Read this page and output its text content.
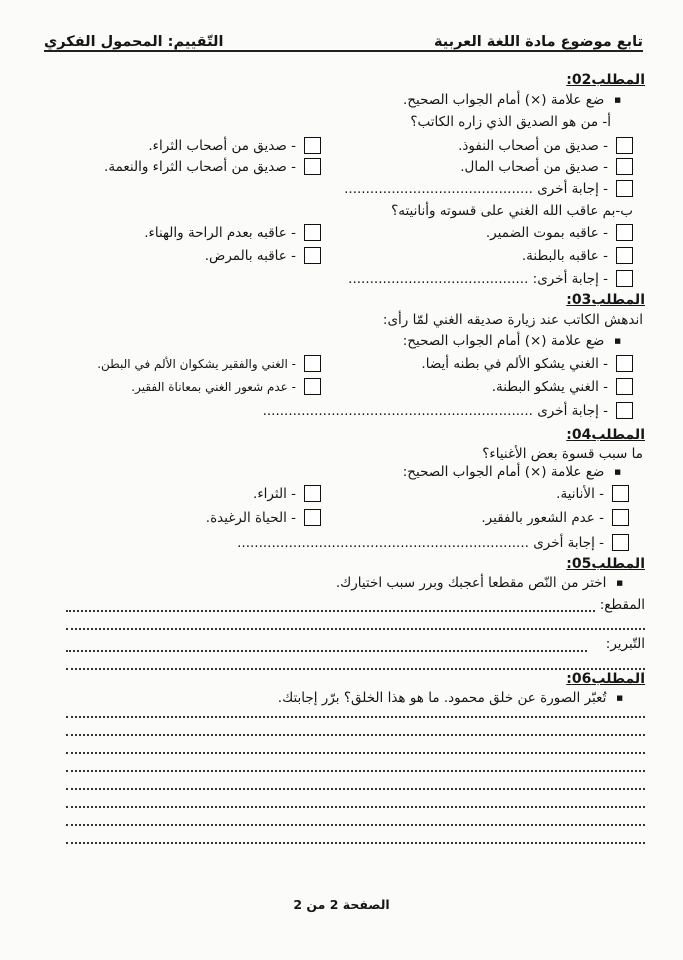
تابع موضوع مادة اللغة العربية
التّقييم: المحمول الفكري
المطلب02:
■ ضع علامة (×) أمام الجواب الصحيح.
أ- من هو الصديق الذي زاره الكاتب؟
- صديق من أصحاب النفوذ.
- صديق من أصحاب الثراء.
- صديق من أصحاب المال.
- صديق من أصحاب الثراء والنعمة.
- إجابة أخرى ............................................
ب-بم عاقب الله الغني على قسوته وأنانيته؟
- عاقبه بموت الضمير.
- عاقبه بعدم الراحة والهناء.
- عاقبه بالبطنة.
- عاقبه بالمرض.
- إجابة أخرى: ..........................................
المطلب03:
اندهش الكاتب عند زيارة صديقه الغني لمّا رأى:
■ ضع علامة (×) أمام الجواب الصحيح:
- الغني يشكو الألم في بطنه أيضا.
- الغني والفقير يشكوان الألم في البطن.
- الغني يشكو البطنة.
- عدم شعور الغني بمعاناة الفقير.
- إجابة أخرى ...............................................................
المطلب04:
ما سبب قسوة بعض الأغنياء؟
■ ضع علامة (×) أمام الجواب الصحيح:
- الأنانية.
- الثراء.
- عدم الشعور بالفقير.
- الحياة الرغيدة.
- إجابة أخرى ....................................................................
المطلب05:
■ اختر من النّص مقطعا أعجبك وبرر سبب اختيارك.
المقطع:
التّبرير:
المطلب06:
■ تُعبّر الصورة عن خلق محمود. ما هو هذا الخلق؟ برّر إجابتك.
الصفحة 2 من 2
